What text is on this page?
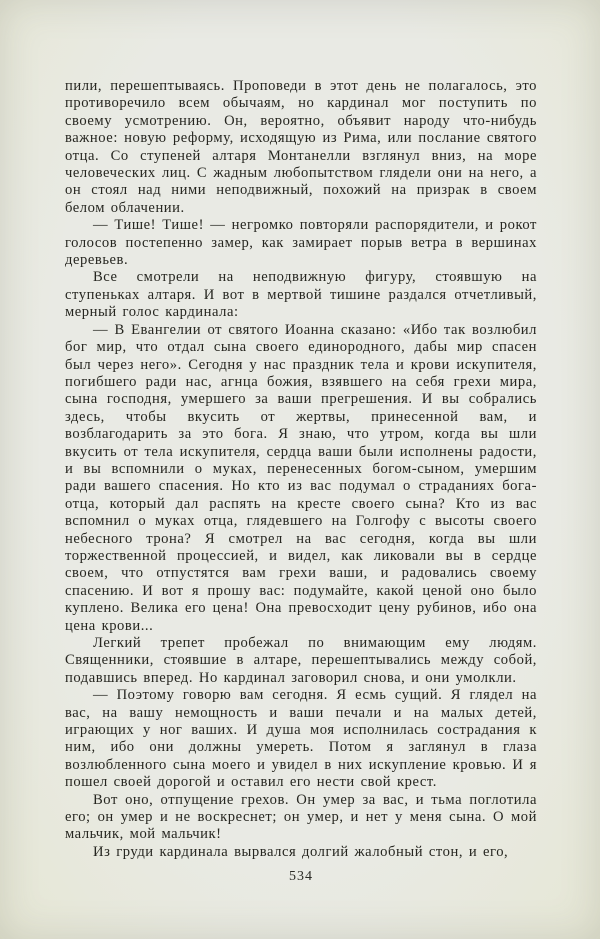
пили, перешептываясь. Проповеди в этот день не полагалось, это противоречило всем обычаям, но кардинал мог поступить по своему усмотрению. Он, вероятно, объявит народу что-нибудь важное: новую реформу, исходящую из Рима, или послание святого отца. Со ступеней алтаря Монтанелли взглянул вниз, на море человеческих лиц. С жадным любопытством глядели они на него, а он стоял над ними неподвижный, похожий на призрак в своем белом облачении.

— Тише! Тише! — негромко повторяли распорядители, и рокот голосов постепенно замер, как замирает порыв ветра в вершинах деревьев.

Все смотрели на неподвижную фигуру, стоявшую на ступеньках алтаря. И вот в мертвой тишине раздался отчетливый, мерный голос кардинала:

— В Евангелии от святого Иоанна сказано: «Ибо так возлюбил бог мир, что отдал сына своего единородного, дабы мир спасен был через него». Сегодня у нас праздник тела и крови искупителя, погибшего ради нас, агнца божия, взявшего на себя грехи мира, сына господня, умершего за ваши прегрешения. И вы собрались здесь, чтобы вкусить от жертвы, принесенной вам, и возблагодарить за это бога. Я знаю, что утром, когда вы шли вкусить от тела искупителя, сердца ваши были исполнены радости, и вы вспомнили о муках, перенесенных богом-сыном, умершим ради вашего спасения. Но кто из вас подумал о страданиях бога-отца, который дал распять на кресте своего сына? Кто из вас вспомнил о муках отца, глядевшего на Голгофу с высоты своего небесного трона? Я смотрел на вас сегодня, когда вы шли торжественной процессией, и видел, как ликовали вы в сердце своем, что отпустятся вам грехи ваши, и радовались своему спасению. И вот я прошу вас: подумайте, какой ценой оно было куплено. Велика его цена! Она превосходит цену рубинов, ибо она цена крови...

Легкий трепет пробежал по внимающим ему людям. Священники, стоявшие в алтаре, перешептывались между собой, подавшись вперед. Но кардинал заговорил снова, и они умолкли.

— Поэтому говорю вам сегодня. Я есмь сущий. Я глядел на вас, на вашу немощность и ваши печали и на малых детей, играющих у ног ваших. И душа моя исполнилась сострадания к ним, ибо они должны умереть. Потом я заглянул в глаза возлюбленного сына моего и увидел в них искупление кровью. И я пошел своей дорогой и оставил его нести свой крест.

Вот оно, отпущение грехов. Он умер за вас, и тьма поглотила его; он умер и не воскреснет; он умер, и нет у меня сына. О мой мальчик, мой мальчик!

Из груди кардинала вырвался долгий жалобный стон, и его,

534
